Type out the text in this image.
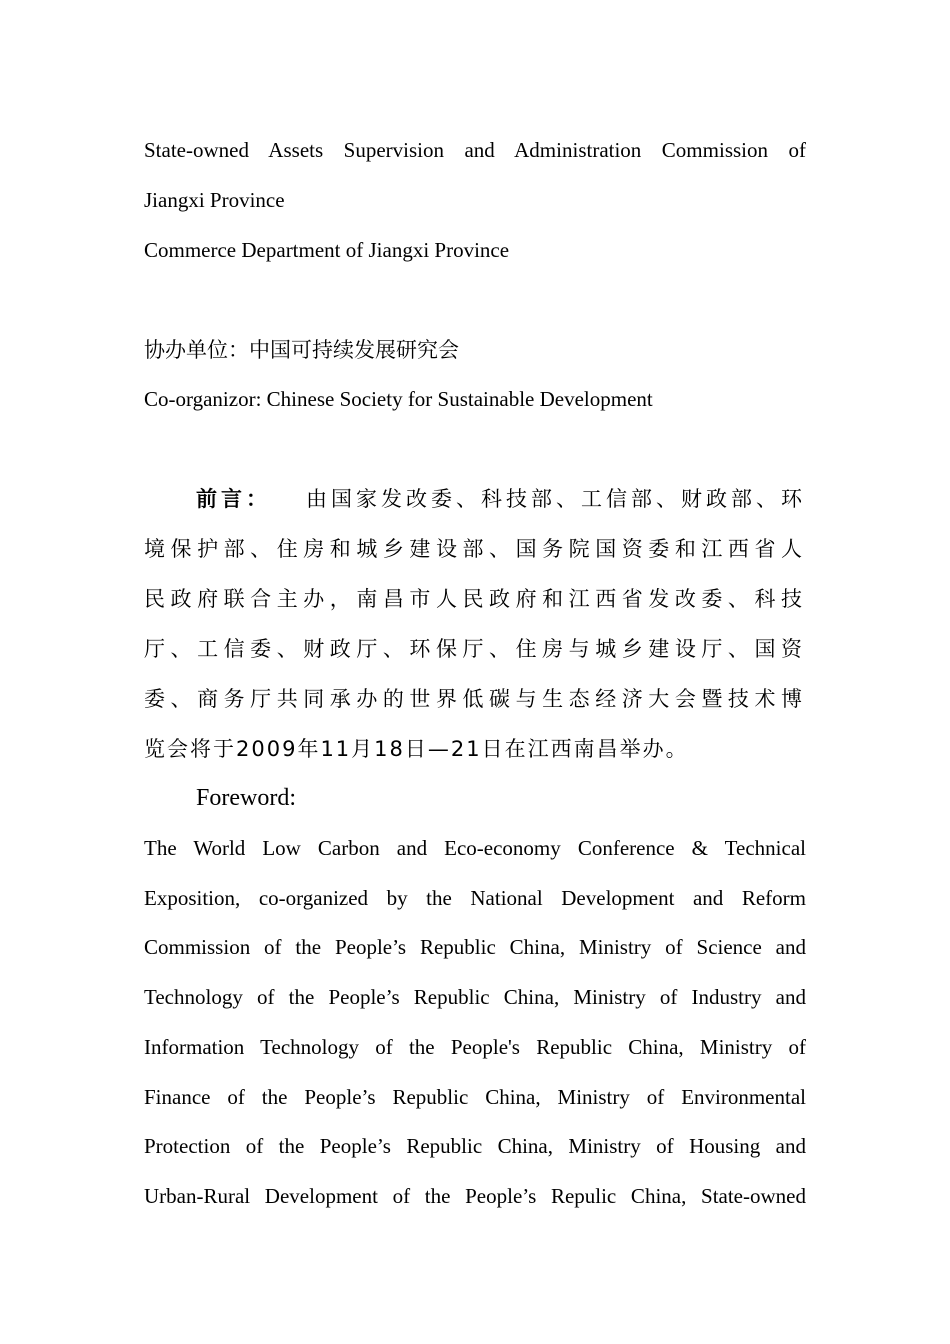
State-owned Assets Supervision and Administration Commission of
Jiangxi Province
Commerce Department of Jiangxi Province
协办单位：中国可持续发展研究会
Co-organizor: Chinese Society for Sustainable Development
前言： 由国家发改委、科技部、工信部、财政部、环
境保护部、住房和城乡建设部、国务院国资委和江西省人
民政府联合主办，南昌市人民政府和江西省发改委、科技
厅、工信委、财政厅、环保厅、住房与城乡建设厅、国资
委、商务厅共同承办的世界低碳与生态经济大会暨技术博
览会将于2009年11月18日—21日在江西南昌举办。
Foreword:
The World Low Carbon and Eco-economy Conference & Technical
Exposition, co-organized by the National Development and Reform
Commission of the People’s Republic China, Ministry of Science and
Technology of the People’s Republic China, Ministry of Industry and
Information Technology of the People's Republic China, Ministry of
Finance of the People’s Republic China, Ministry of Environmental
Protection of the People’s Republic China, Ministry of Housing and
Urban-Rural Development of the People’s Repulic China, State-owned
